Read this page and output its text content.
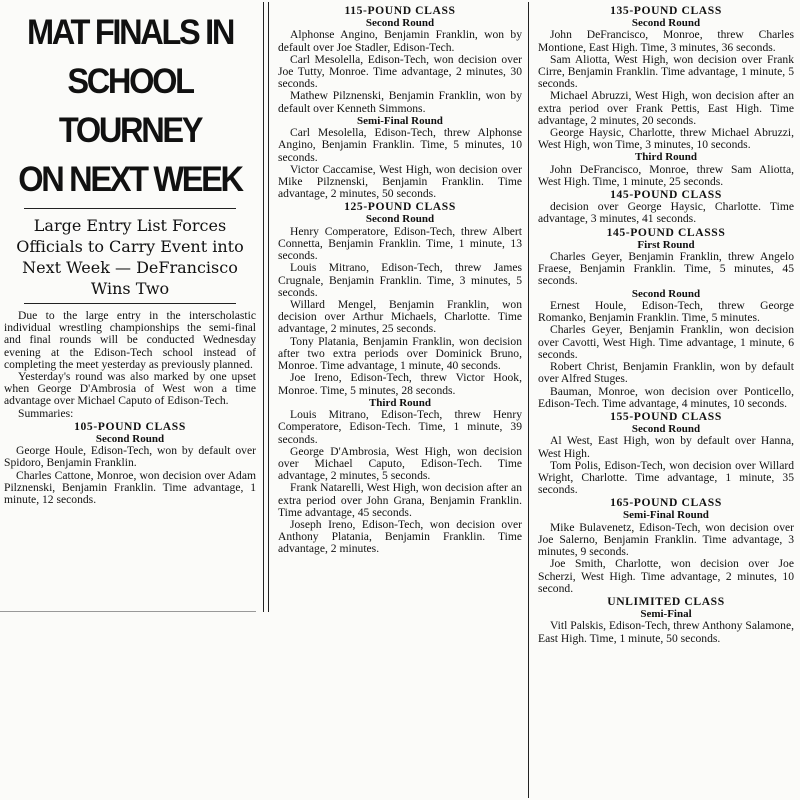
MAT FINALS IN
SCHOOL TOURNEY
ON NEXT WEEK
Large Entry List Forces Officials to Carry Event into Next Week — DeFrancisco Wins Two

Due to the large entry in the interscholastic individual wrestling championships the semi-final and final rounds will be conducted Wednesday evening at the Edison-Tech school instead of completing the meet yesterday as previously planned.

Yesterday's round was also marked by one upset when George D'Ambrosia of West won a time advantage over Michael Caputo of Edison-Tech.

Summaries:

105-POUND CLASS

Second Round

George Houle, Edison-Tech, won by default over Spidoro, Benjamin Franklin.

Charles Cattone, Monroe, won decision over Adam Pilznenski, Benjamin Franklin. Time advantage, 1 minute, 12 seconds.

115-POUND CLASS

Second Round

Alphonse Angino, Benjamin Franklin, won by default over Joe Stadler, Edison-Tech.

Carl Mesolella, Edison-Tech, won decision over Joe Tutty, Monroe. Time advantage, 2 minutes, 30 seconds.

Mathew Pilznenski, Benjamin Franklin, won by default over Kenneth Simmons.

Semi-Final Round

Carl Mesolella, Edison-Tech, threw Alphonse Angino, Benjamin Franklin. Time, 5 minutes, 10 seconds.

Victor Caccamise, West High, won decision over Mike Pilznenski, Benjamin Franklin. Time advantage, 2 minutes, 50 seconds.

125-POUND CLASS

Second Round

Henry Comperatore, Edison-Tech, threw Albert Connetta, Benjamin Franklin. Time, 1 minute, 13 seconds.

Louis Mitrano, Edison-Tech, threw James Crugnale, Benjamin Franklin. Time, 3 minutes, 5 seconds.

Willard Mengel, Benjamin Franklin, won decision over Arthur Michaels, Charlotte. Time advantage, 2 minutes, 25 seconds.

Tony Platania, Benjamin Franklin, won decision after two extra periods over Dominick Bruno, Monroe. Time advantage, 1 minute, 40 seconds.

Joe Ireno, Edison-Tech, threw Victor Hook, Monroe. Time, 5 minutes, 28 seconds.

Third Round

Louis Mitrano, Edison-Tech, threw Henry Comperatore, Edison-Tech. Time, 1 minute, 39 seconds.

George D'Ambrosia, West High, won decision over Michael Caputo, Edison-Tech. Time advantage, 2 minutes, 5 seconds.

Frank Natarelli, West High, won decision after an extra period over John Grana, Benjamin Franklin. Time advantage, 45 seconds.

Joseph Ireno, Edison-Tech, won decision over Anthony Platania, Benjamin Franklin. Time advantage, 2 minutes.

135-POUND CLASS

Second Round

John DeFrancisco, Monroe, threw Charles Montione, East High. Time, 3 minutes, 36 seconds.

Sam Aliotta, West High, won decision over Frank Cirre, Benjamin Franklin. Time advantage, 1 minute, 5 seconds.

Michael Abruzzi, West High, won decision after an extra period over Frank Pettis, East High. Time advantage, 2 minutes, 20 seconds.

George Haysic, Charlotte, threw Michael Abruzzi, West High, won Time, 3 minutes, 10 seconds.

Third Round

John DeFrancisco, Monroe, threw Sam Aliotta, West High. Time, 1 minute, 25 seconds.

145-POUND CLASS

decision over George Haysic, Charlotte. Time advantage, 3 minutes, 41 seconds.

145-POUND CLASSS

First Round

Charles Geyer, Benjamin Franklin, threw Angelo Fraese, Benjamin Franklin. Time, 5 minutes, 45 seconds.

Second Round

Ernest Houle, Edison-Tech, threw George Romanko, Benjamin Franklin. Time, 5 minutes.

Charles Geyer, Benjamin Franklin, won decision over Cavotti, West High. Time advantage, 1 minute, 6 seconds.

Robert Christ, Benjamin Franklin, won by default over Alfred Stuges.

Bauman, Monroe, won decision over Ponticello, Edison-Tech. Time advantage, 4 minutes, 10 seconds.

155-POUND CLASS

Second Round

Al West, East High, won by default over Hanna, West High.

Tom Polis, Edison-Tech, won decision over Willard Wright, Charlotte. Time advantage, 1 minute, 35 seconds.

165-POUND CLASS

Semi-Final Round

Mike Bulavenetz, Edison-Tech, won decision over Joe Salerno, Benjamin Franklin. Time advantage, 3 minutes, 9 seconds.

Joe Smith, Charlotte, won decision over Joe Scherzi, West High. Time advantage, 2 minutes, 10 second.

UNLIMITED CLASS

Semi-Final

Vitl Palskis, Edison-Tech, threw Anthony Salamone, East High. Time, 1 minute, 50 seconds.
